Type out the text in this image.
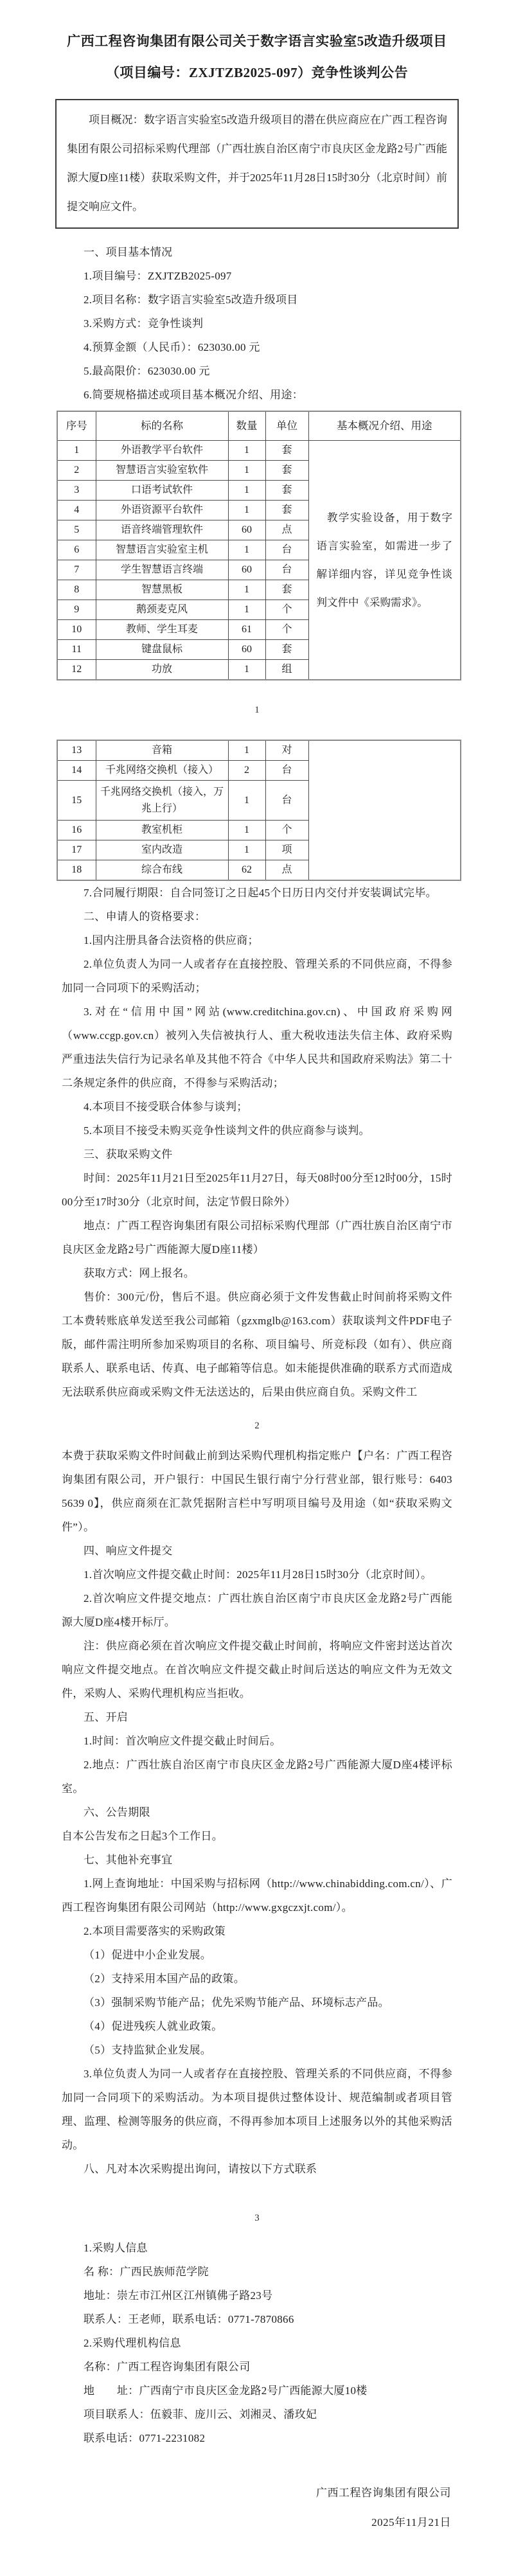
广西工程咨询集团有限公司关于数字语言实验室5改造升级项目
（项目编号：ZXJTZB2025-097）竞争性谈判公告

项目概况：数字语言实验室5改造升级项目的潜在供应商应在广西工程咨询集团有限公司招标采购代理部（广西壮族自治区南宁市良庆区金龙路2号广西能源大厦D座11楼）获取采购文件，并于2025年11月28日15时30分（北京时间）前提交响应文件。

一、项目基本情况

1.项目编号：ZXJTZB2025-097

2.项目名称：数字语言实验室5改造升级项目

3.采购方式：竞争性谈判

4.预算金额（人民币）：623030.00 元

5.最高限价：623030.00 元

6.简要规格描述或项目基本概况介绍、用途：

序号	标的名称	数量	单位	基本概况介绍、用途
1	外语教学平台软件	1	套	教学实验设备，用于数字语言实验室，如需进一步了解详细内容，详见竞争性谈判文件中《采购需求》。
2	智慧语言实验室软件	1	套	
3	口语考试软件	1	套	
4	外语资源平台软件	1	套	
5	语音终端管理软件	60	点	
6	智慧语言实验室主机	1	台	
7	学生智慧语言终端	60	台	
8	智慧黑板	1	套	
9	鹅颈麦克风	1	个	
10	教师、学生耳麦	61	个	
11	键盘鼠标	60	套	
12	功放	1	组	

1

13	音箱	1	对	
14	千兆网络交换机（接入）	2	台	
15	千兆网络交换机（接入，万兆上行）	1	台	
16	教室机柜	1	个	
17	室内改造	1	项	
18	综合布线	62	点	

7.合同履行期限：自合同签订之日起45个日历日内交付并安装调试完毕。

二、申请人的资格要求：

1.国内注册具备合法资格的供应商；

2.单位负责人为同一人或者存在直接控股、管理关系的不同供应商，不得参加同一合同项下的采购活动；

3.对在“信用中国”网站(www.creditchina.gov.cn)、中国政府采购网（www.ccgp.gov.cn）被列入失信被执行人、重大税收违法失信主体、政府采购严重违法失信行为记录名单及其他不符合《中华人民共和国政府采购法》第二十二条规定条件的供应商，不得参与采购活动；

4.本项目不接受联合体参与谈判；

5.本项目不接受未购买竞争性谈判文件的供应商参与谈判。

三、获取采购文件

时间：2025年11月21日至2025年11月27日，每天08时00分至12时00分，15时00分至17时30分（北京时间，法定节假日除外）

地点：广西工程咨询集团有限公司招标采购代理部（广西壮族自治区南宁市良庆区金龙路2号广西能源大厦D座11楼）

获取方式：网上报名。

售价：300元/份，售后不退。供应商必须于文件发售截止时间前将采购文件工本费转账底单发送至我公司邮箱（gzxmglb@163.com）获取谈判文件PDF电子版，邮件需注明所参加采购项目的名称、项目编号、所竞标段（如有）、供应商联系人、联系电话、传真、电子邮箱等信息。如未能提供准确的联系方式而造成无法联系供应商或采购文件无法送达的，后果由供应商自负。采购文件工

2

本费于获取采购文件时间截止前到达采购代理机构指定账户【户名：广西工程咨询集团有限公司，开户银行：中国民生银行南宁分行营业部，银行账号：6403 5639 0】，供应商须在汇款凭据附言栏中写明项目编号及用途（如“获取采购文件”）。

四、响应文件提交

1.首次响应文件提交截止时间：2025年11月28日15时30分（北京时间）。

2.首次响应文件提交地点：广西壮族自治区南宁市良庆区金龙路2号广西能源大厦D座4楼开标厅。

注：供应商必须在首次响应文件提交截止时间前，将响应文件密封送达首次响应文件提交地点。在首次响应文件提交截止时间后送达的响应文件为无效文件，采购人、采购代理机构应当拒收。

五、开启

1.时间：首次响应文件提交截止时间后。

2.地点：广西壮族自治区南宁市良庆区金龙路2号广西能源大厦D座4楼评标室。

六、公告期限

自本公告发布之日起3个工作日。

七、其他补充事宜

1.网上查询地址：中国采购与招标网（http://www.chinabidding.com.cn/）、广西工程咨询集团有限公司网站（http://www.gxgczxjt.com/）。

2.本项目需要落实的采购政策

（1）促进中小企业发展。

（2）支持采用本国产品的政策。

（3）强制采购节能产品；优先采购节能产品、环境标志产品。

（4）促进残疾人就业政策。

（5）支持监狱企业发展。

3.单位负责人为同一人或者存在直接控股、管理关系的不同供应商，不得参加同一合同项下的采购活动。为本项目提供过整体设计、规范编制或者项目管理、监理、检测等服务的供应商，不得再参加本项目上述服务以外的其他采购活动。

八、凡对本次采购提出询问，请按以下方式联系

3

1.采购人信息

名 称：广西民族师范学院

地址：崇左市江州区江州镇佛子路23号

联系人：王老师，联系电话：0771-7870866

2.采购代理机构信息

名称：广西工程咨询集团有限公司

地　　址：广西南宁市良庆区金龙路2号广西能源大厦10楼

项目联系人：伍毅菲、庞川云、刘湘灵、潘玫妃

联系电话：0771-2231082

广西工程咨询集团有限公司

2025年11月21日
